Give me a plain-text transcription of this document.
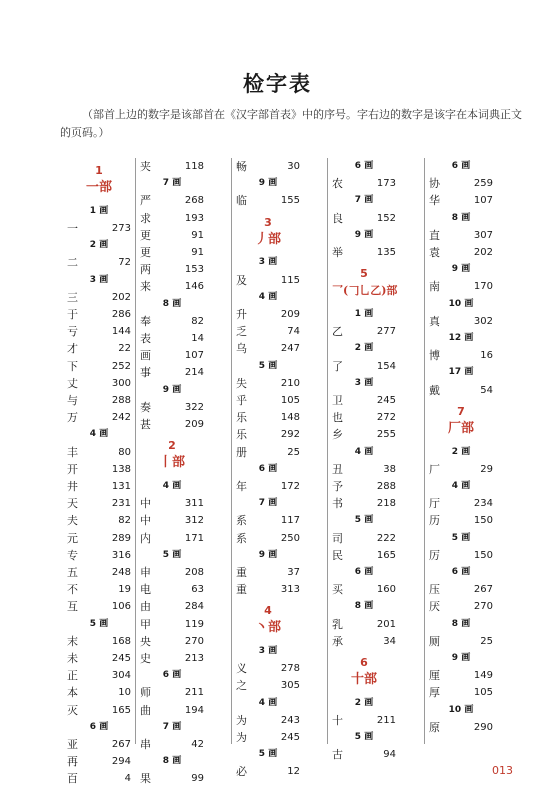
检字表
（部首上边的数字是该部首在《汉字部首表》中的序号。字右边的数字是该字在本词典正文的页码。）
1
一部
1 画
一	273
2 画
二	72
3 画
三	202
于	286
亏	144
才	22
下	252
丈	300
与	288
万	242
4 画
丰	80
开	138
井	131
天	231
夫	82
元	289
专	316
五	248
不	19
互	106
5 画
末	168
未	245
正	304
本	10
灭	165
6 画
亚	267
再	294
百	4
夹	118
7 画
严	268
求	193
更	91
更	91
两	153
来	146
8 画
奉	82
表	14
画	107
事	214
9 画
奏	322
甚	209
2
丨部
4 画
中	311
中	312
内	171
5 画
申	208
电	63
由	284
甲	119
央	270
史	213
6 画
师	211
曲	194
7 画
串	42
8 画
果	99
畅	30
9 画
临	155
3
丿部
3 画
及	115
4 画
升	209
乏	74
乌	247
5 画
失	210
乎	105
乐	148
乐	292
册	25
6 画
年	172
7 画
系	117
系	250
9 画
重	37
重	313
4
丶部
3 画
义	278
之	305
4 画
为	243
为	245
5 画
必	12
6 画
农	173
7 画
良	152
9 画
举	135
5
乛(𠃌乚乙)部
1 画
乙	277
2 画
了	154
3 画
卫	245
也	272
乡	255
4 画
丑	38
予	288
书	218
5 画
司	222
民	165
6 画
买	160
8 画
乳	201
承	34
6
十部
2 画
十	211
5 画
古	94
6 画
协	259
华	107
8 画
直	307
袁	202
9 画
南	170
10 画
真	302
12 画
博	16
17 画
戴	54
7
厂部
2 画
厂	29
4 画
厅	234
历	150
5 画
厉	150
6 画
压	267
厌	270
8 画
厕	25
9 画
厘	149
厚	105
10 画
原	290
013
